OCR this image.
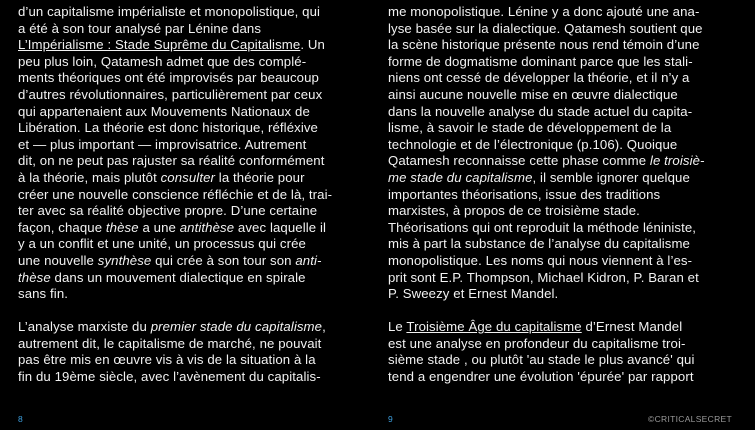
d’un capitalisme impérialiste et monopolistique, qui
a été à son tour analysé par Lénine dans
L’Impérialisme : Stade Suprême du Capitalisme. Un
peu plus loin, Qatamesh admet que des complé-
ments théoriques ont été improvisés par beaucoup
d’autres révolutionnaires, particulièrement par ceux
qui appartenaient aux Mouvements Nationaux de
Libération. La théorie est donc historique, réfléxive
et — plus important — improvisatrice. Autrement
dit, on ne peut pas rajuster sa réalité conformément
à la théorie, mais plutôt consulter la théorie pour
créer une nouvelle conscience réfléchie et de là, trai-
ter avec sa réalité objective propre. D’une certaine
façon, chaque thèse a une antithèse avec laquelle il
y a un conflit et une unité, un processus qui crée
une nouvelle synthèse qui crée à son tour son anti-
thèse dans un mouvement dialectique en spirale
sans fin.
L’analyse marxiste du premier stade du capitalisme,
autrement dit, le capitalisme de marché, ne pouvait
pas être mis en œuvre vis à vis de la situation à la
fin du 19ème siècle, avec l’avènement du capitalis-
me monopolistique. Lénine y a donc ajouté une ana-
lyse basée sur la dialectique. Qatamesh soutient que
la scène historique présente nous rend témoin d’une
forme de dogmatisme dominant parce que les stali-
niens ont cessé de développer la théorie, et il n’y a
ainsi aucune nouvelle mise en œuvre dialectique
dans la nouvelle analyse du stade actuel du capita-
lisme, à savoir le stade de développement de la
technologie et de l’électronique (p.106). Quoique
Qatamesh reconnaisse cette phase comme le troisiè-
me stade du capitalisme, il semble ignorer quelque
importantes théorisations, issue des traditions
marxistes, à propos de ce troisième stade.
Théorisations qui ont reproduit la méthode léniniste,
mis à part la substance de l’analyse du capitalisme
monopolistique. Les noms qui nous viennent à l’es-
prit sont E.P. Thompson, Michael Kidron, P. Baran et
P. Sweezy et Ernest Mandel.
Le Troisième Âge du capitalisme d’Ernest Mandel
est une analyse en profondeur du capitalisme troi-
sième stade , ou plutôt 'au stade le plus avancé' qui
tend a engendrer une évolution 'épurée' par rapport
8	9	©CRITICALSECRET
